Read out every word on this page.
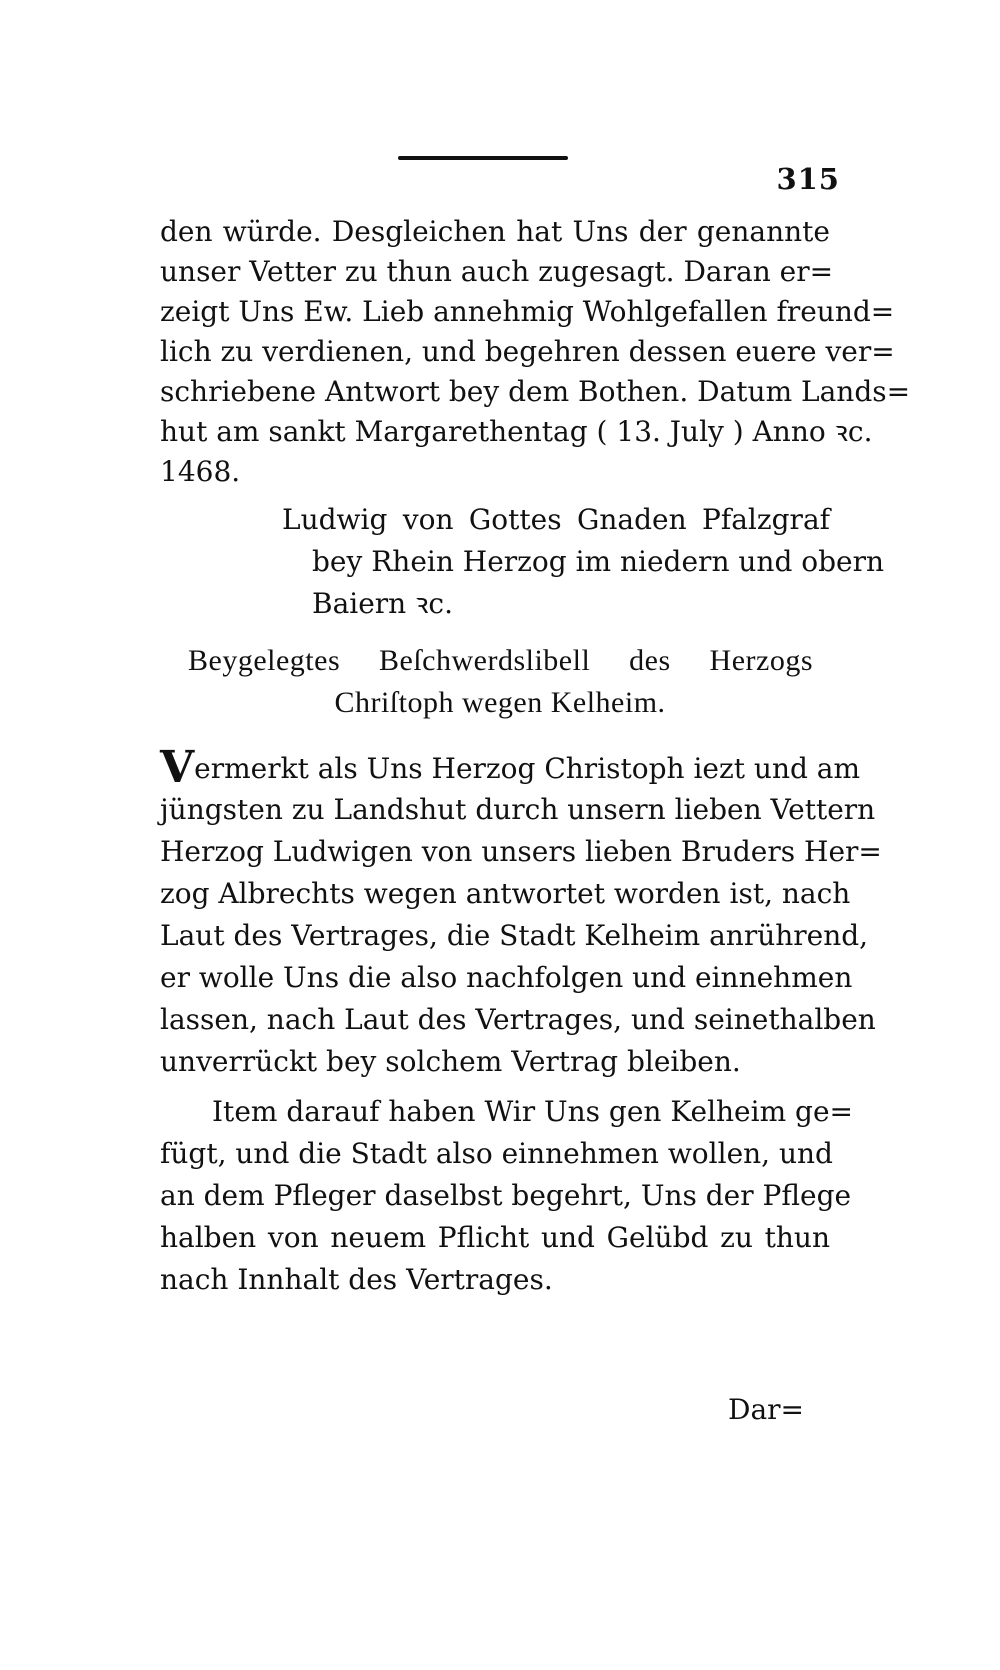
315
den würde. Desgleichen hat Uns der genannte
unser Vetter zu thun auch zugesagt. Daran er=
zeigt Uns Ew. Lieb annehmig Wohlgefallen freund=
lich zu verdienen, und begehren dessen euere ver=
schriebene Antwort bey dem Bothen. Datum Lands=
hut am sankt Margarethentag ( 13. July ) Anno ꝛc.
1468.
Ludwig von Gottes Gnaden Pfalzgraf
bey Rhein Herzog im niedern und obern
Baiern ꝛc.
Beygelegtes Beſchwerdslibell des Herzogs
Chriſtoph wegen Kelheim.
Vermerkt als Uns Herzog Christoph iezt und am
jüngsten zu Landshut durch unsern lieben Vettern
Herzog Ludwigen von unsers lieben Bruders Her=
zog Albrechts wegen antwortet worden ist, nach
Laut des Vertrages, die Stadt Kelheim anrührend,
er wolle Uns die also nachfolgen und einnehmen
lassen, nach Laut des Vertrages, und seinethalben
unverrückt bey solchem Vertrag bleiben.
Item darauf haben Wir Uns gen Kelheim ge=
fügt, und die Stadt also einnehmen wollen, und
an dem Pfleger daselbst begehrt, Uns der Pflege
halben von neuem Pflicht und Gelübd zu thun
nach Innhalt des Vertrages.
Dar=
